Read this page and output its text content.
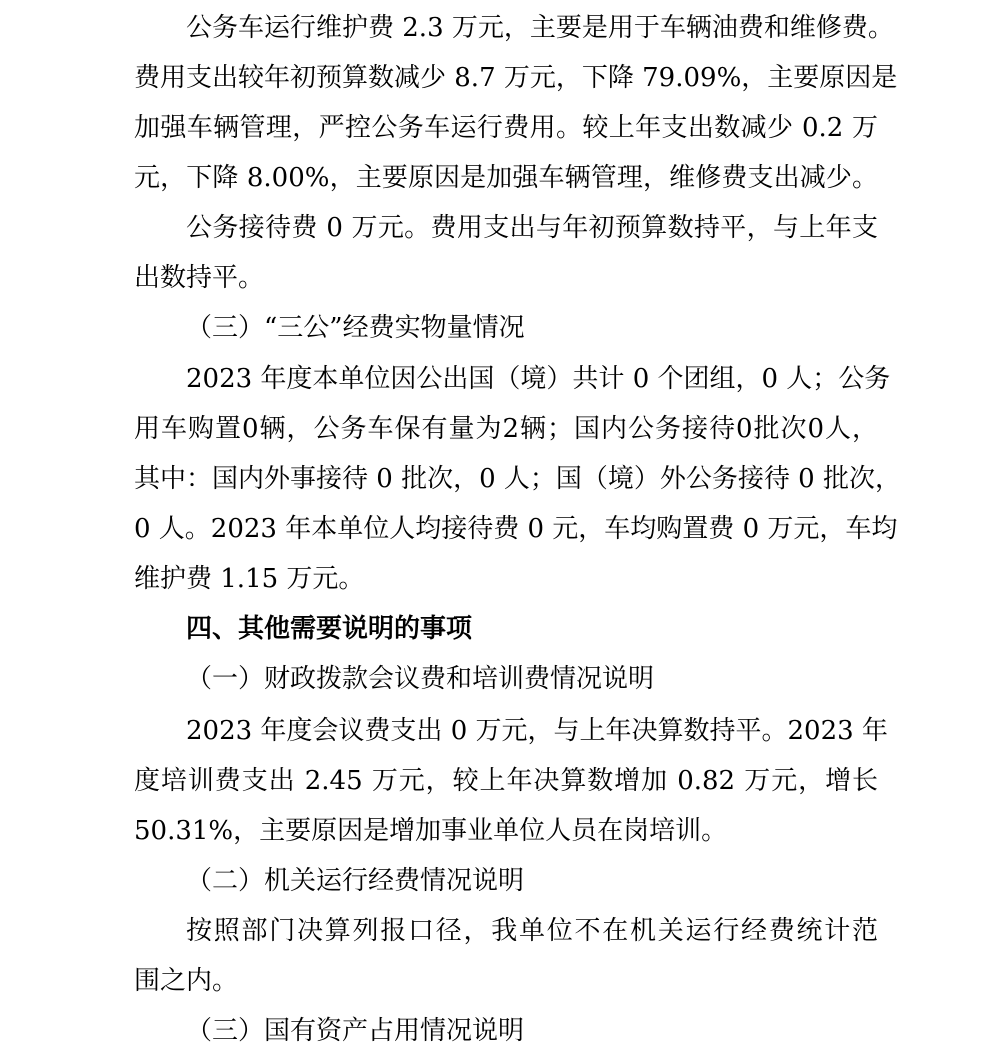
公务车运行维护费 2.3 万元，主要是用于车辆油费和维修费。
费用支出较年初预算数减少 8.7 万元，下降 79.09%，主要原因是
加强车辆管理，严控公务车运行费用。较上年支出数减少 0.2 万
元，下降 8.00%，主要原因是加强车辆管理，维修费支出减少。
公务接待费 0 万元。费用支出与年初预算数持平，与上年支
出数持平。
（三）“三公”经费实物量情况
2023 年度本单位因公出国（境）共计 0 个团组，0 人；公务
用车购置0辆，公务车保有量为2辆；国内公务接待0批次0人，
其中：国内外事接待 0 批次，0 人；国（境）外公务接待 0 批次，
0 人。2023 年本单位人均接待费 0 元，车均购置费 0 万元，车均
维护费 1.15 万元。
四、其他需要说明的事项
（一）财政拨款会议费和培训费情况说明
2023 年度会议费支出 0 万元，与上年决算数持平。2023 年
度培训费支出 2.45 万元，较上年决算数增加 0.82 万元，增长
50.31%，主要原因是增加事业单位人员在岗培训。
（二）机关运行经费情况说明
按照部门决算列报口径，我单位不在机关运行经费统计范
围之内。
（三）国有资产占用情况说明
